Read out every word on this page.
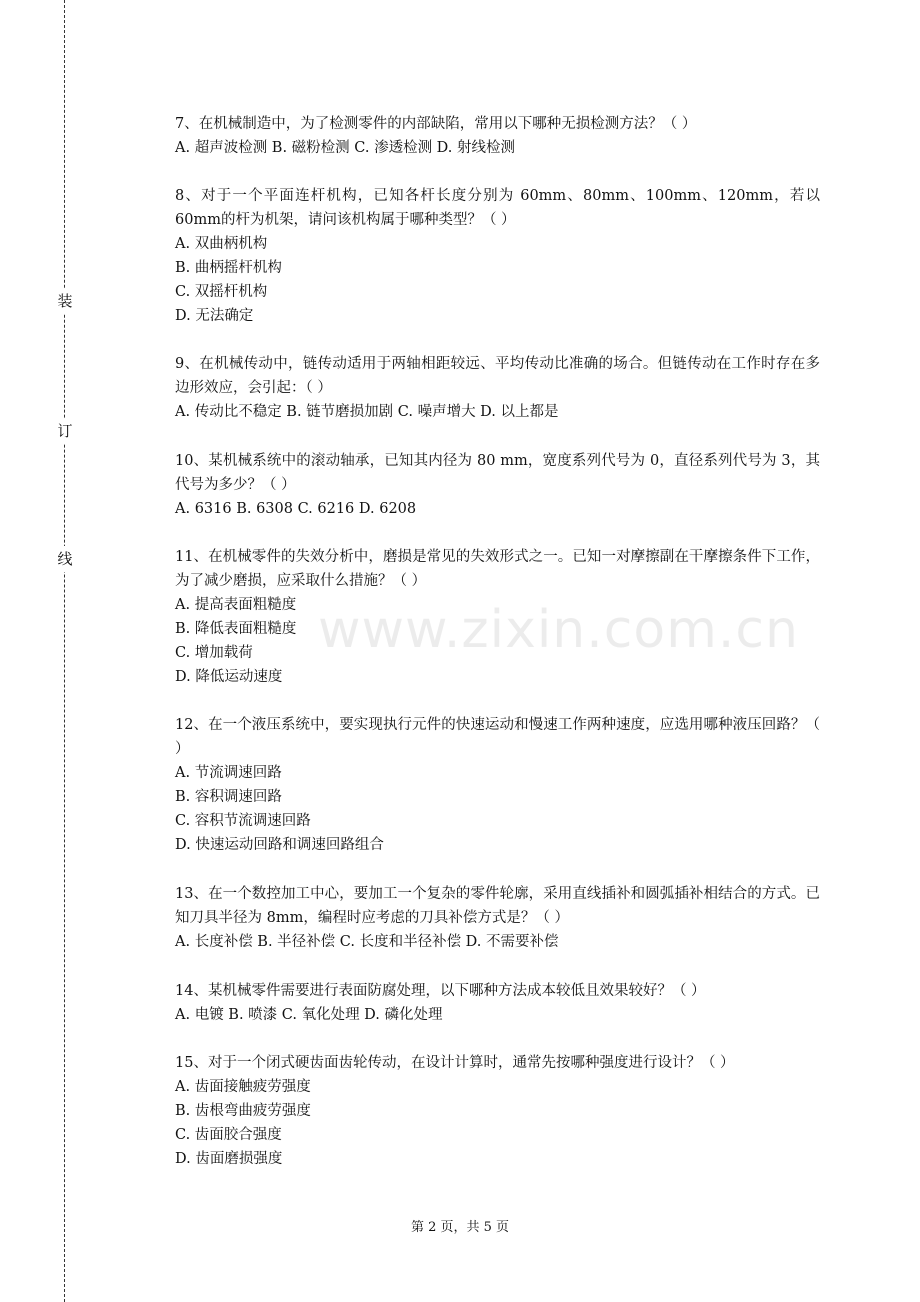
装
订
线
www.zixin.com.cn
7、在机械制造中，为了检测零件的内部缺陷，常用以下哪种无损检测方法？（ ）
A. 超声波检测 B. 磁粉检测 C. 渗透检测 D. 射线检测
8、对于一个平面连杆机构，已知各杆长度分别为 60mm、80mm、100mm、120mm，若以 60mm的杆为机架，请问该机构属于哪种类型？（ ）
A. 双曲柄机构
B. 曲柄摇杆机构
C. 双摇杆机构
D. 无法确定
9、在机械传动中，链传动适用于两轴相距较远、平均传动比准确的场合。但链传动在工作时存在多边形效应，会引起：（ ）
A. 传动比不稳定 B. 链节磨损加剧 C. 噪声增大 D. 以上都是
10、某机械系统中的滚动轴承，已知其内径为 80 mm，宽度系列代号为 0，直径系列代号为 3，其代号为多少？（ ）
A. 6316 B. 6308 C. 6216 D. 6208
11、在机械零件的失效分析中，磨损是常见的失效形式之一。已知一对摩擦副在干摩擦条件下工作，为了减少磨损，应采取什么措施？（ ）
A. 提高表面粗糙度
B. 降低表面粗糙度
C. 增加载荷
D. 降低运动速度
12、在一个液压系统中，要实现执行元件的快速运动和慢速工作两种速度，应选用哪种液压回路？（ ）
A. 节流调速回路
B. 容积调速回路
C. 容积节流调速回路
D. 快速运动回路和调速回路组合
13、在一个数控加工中心，要加工一个复杂的零件轮廓，采用直线插补和圆弧插补相结合的方式。已知刀具半径为 8mm，编程时应考虑的刀具补偿方式是？（ ）
A. 长度补偿 B. 半径补偿 C. 长度和半径补偿 D. 不需要补偿
14、某机械零件需要进行表面防腐处理，以下哪种方法成本较低且效果较好？（ ）
A. 电镀 B. 喷漆 C. 氧化处理 D. 磷化处理
15、对于一个闭式硬齿面齿轮传动，在设计计算时，通常先按哪种强度进行设计？（ ）
A. 齿面接触疲劳强度
B. 齿根弯曲疲劳强度
C. 齿面胶合强度
D. 齿面磨损强度
第 2 页，共 5 页
